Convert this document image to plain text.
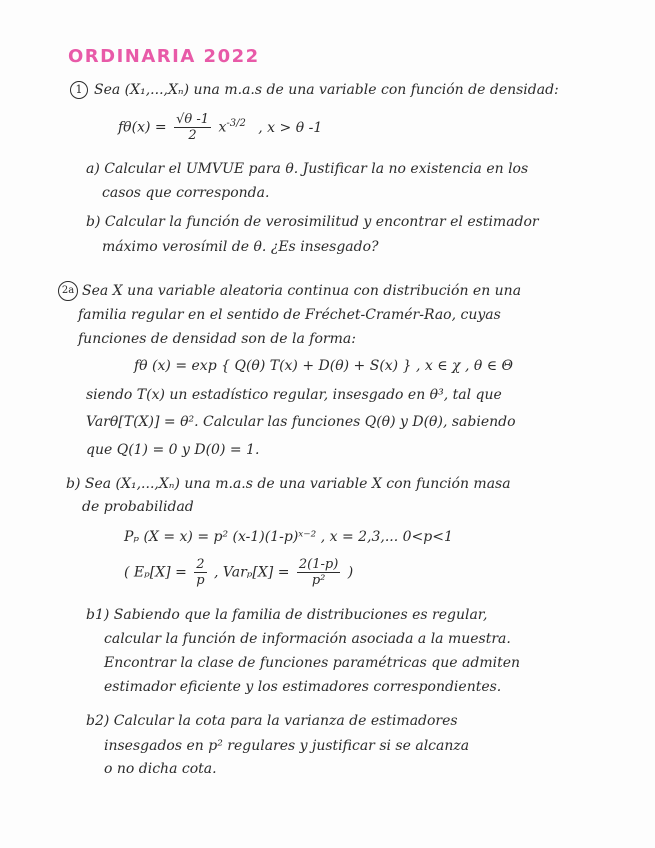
ORDINARIA 2022
1 Sea (X₁,...,Xₙ) una m.a.s de una variable con función de densidad:
$f\theta(x) = \frac{√\theta -1}{2} x^{-3/2}$ , x > θ -1
a) Calcular el UMVUE para θ. Justificar la no existencia en los
casos que corresponda.
b) Calcular la función de verosimilitud y encontrar el estimador
máximo verosímil de θ. ¿Es insesgado?
2a Sea X una variable aleatoria continua con distribución en una
familia regular en el sentido de Fréchet-Cramér-Rao, cuyas
funciones de densidad son de la forma:
fθ (x) = exp { Q(θ) T(x) + D(θ) + S(x) } , x ∈ χ , θ ∈ Θ
siendo T(x) un estadístico regular, insesgado en θ³, tal que
Varθ[T(X)] = θ². Calcular las funciones Q(θ) y D(θ), sabiendo
que Q(1) = 0 y D(0) = 1.
b) Sea (X₁,...,Xₙ) una m.a.s de una variable X con función masa
de probabilidad
Pₚ (X = x) = p² (x-1)(1-p)ˣ⁻² , x = 2,3,... 0<p<1
( $E_p[X] = \frac{2}{p}$ , $Var_p[X] = \frac{2(1-p)}{\text{p²}}$ )
b1) Sabiendo que la familia de distribuciones es regular,
calcular la función de información asociada a la muestra.
Encontrar la clase de funciones paramétricas que admiten
estimador eficiente y los estimadores correspondientes.
b2) Calcular la cota para la varianza de estimadores
insesgados en p² regulares y justificar si se alcanza
o no dicha cota.
